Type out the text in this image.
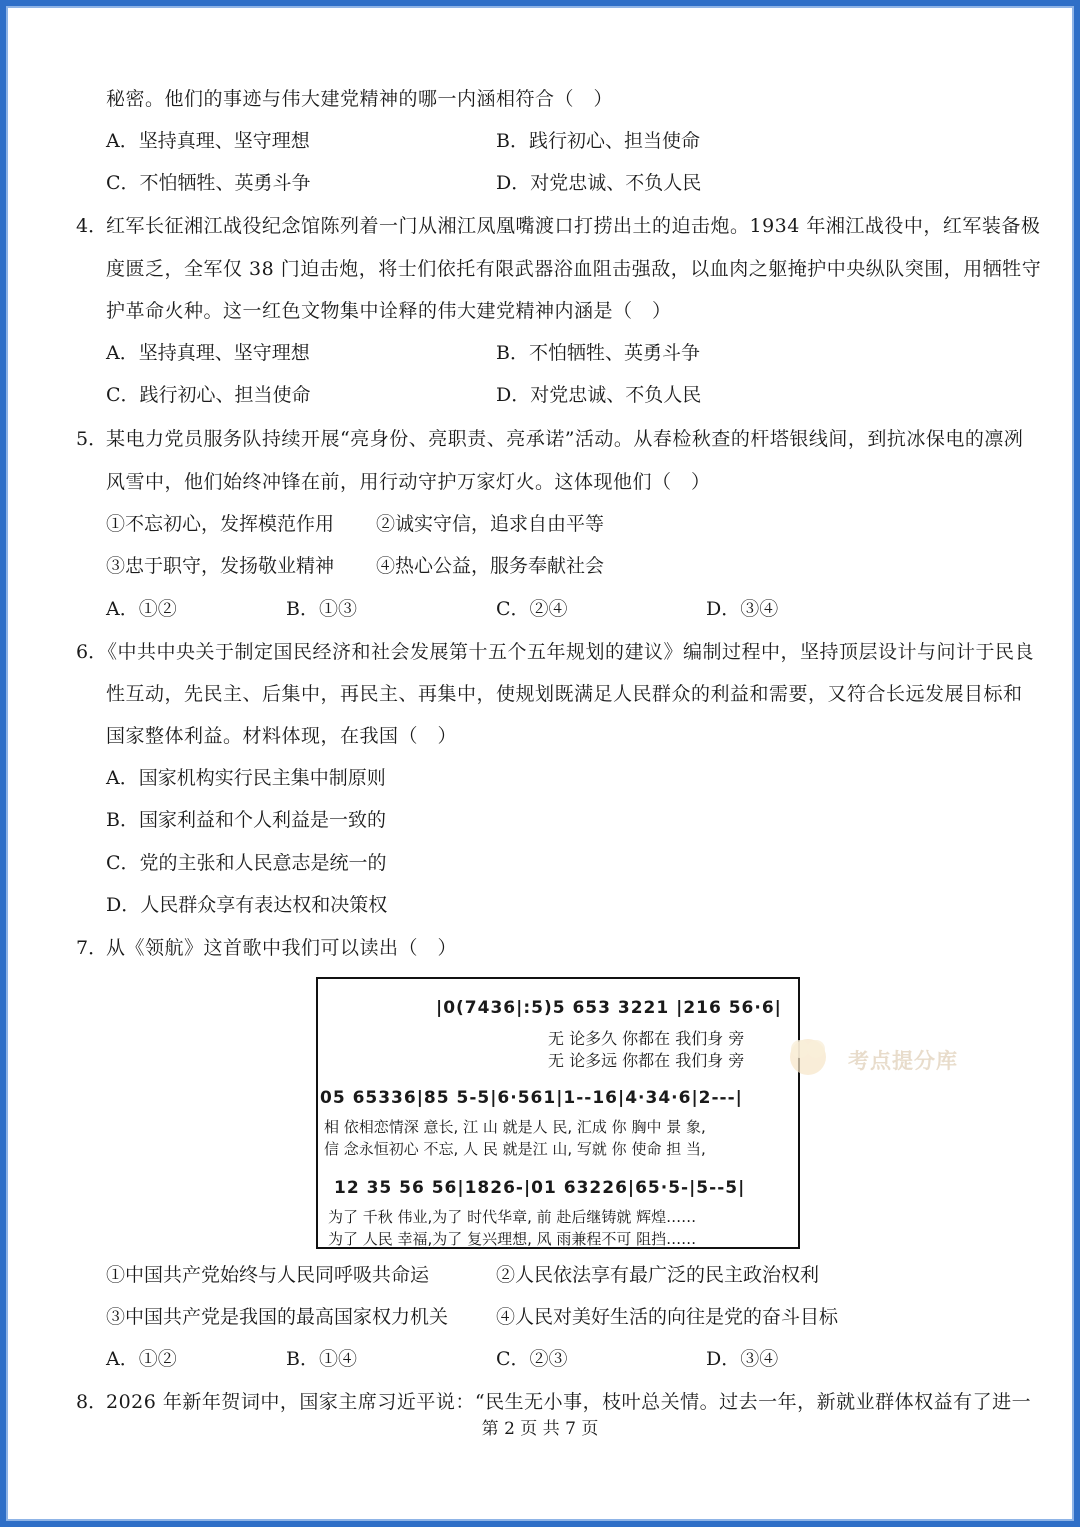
秘密。他们的事迹与伟大建党精神的哪一内涵相符合（　）
A．坚持真理、坚守理想	B．践行初心、担当使命
C．不怕牺牲、英勇斗争	D．对党忠诚、不负人民
4．
红军长征湘江战役纪念馆陈列着一门从湘江凤凰嘴渡口打捞出土的迫击炮。1934 年湘江战役中，红军装备极
度匮乏，全军仅 38 门迫击炮，将士们依托有限武器浴血阻击强敌，以血肉之躯掩护中央纵队突围，用牺牲守
护革命火种。这一红色文物集中诠释的伟大建党精神内涵是（　）
A．坚持真理、坚守理想	B．不怕牺牲、英勇斗争
C．践行初心、担当使命	D．对党忠诚、不负人民
5．
某电力党员服务队持续开展“亮身份、亮职责、亮承诺”活动。从春检秋查的杆塔银线间，到抗冰保电的凛冽
风雪中，他们始终冲锋在前，用行动守护万家灯火。这体现他们（　）
①不忘初心，发挥模范作用 ②诚实守信，追求自由平等
③忠于职守，发扬敬业精神 ④热心公益，服务奉献社会
A．①②	B．①③	C．②④	D．③④
6．
《中共中央关于制定国民经济和社会发展第十五个五年规划的建议》编制过程中，坚持顶层设计与问计于民良
性互动，先民主、后集中，再民主、再集中，使规划既满足人民群众的利益和需要，又符合长远发展目标和
国家整体利益。材料体现，在我国（　）
A．国家机构实行民主集中制原则
B．国家利益和个人利益是一致的
C．党的主张和人民意志是统一的
D．人民群众享有表达权和决策权
7．
从《领航》这首歌中我们可以读出（　）
|0(7436|:5)5 653 3221 |216 56·6|
无 论多久 你都在 我们身 旁
无 论多远 你都在 我们身 旁
05 65336|85 5-5|6·561|1--16|4·34·6|2---|
相 依相恋情深 意长, 江 山 就是人 民, 汇成 你 胸中 景 象,
信 念永恒初心 不忘, 人 民 就是江 山, 写就 你 使命 担 当,
12 35 56 56|1826-|01 63226|65·5-|5--5|
为了 千秋 伟业,为了 时代华章, 前 赴后继铸就 辉煌……
为了 人民 幸福,为了 复兴理想, 风 雨兼程不可 阻挡……
考点提分库
①中国共产党始终与人民同呼吸共命运	②人民依法享有最广泛的民主政治权利
③中国共产党是我国的最高国家权力机关	④人民对美好生活的向往是党的奋斗目标
A．①②	B．①④	C．②③	D．③④
8．
2026 年新年贺词中，国家主席习近平说：“民生无小事，枝叶总关情。过去一年，新就业群体权益有了进一
第 2 页 共 7 页
